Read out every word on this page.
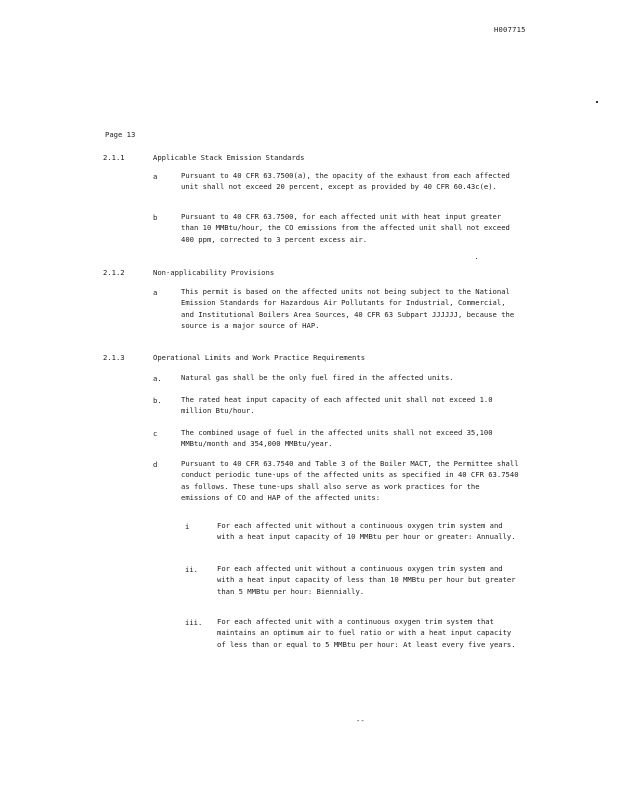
H007715
Page 13
2.1.1	Applicable Stack Emission Standards
a	Pursuant to 40 CFR 63.7500(a), the opacity of the exhaust from each affected unit shall not exceed 20 percent, except as provided by 40 CFR 60.43c(e).
b	Pursuant to 40 CFR 63.7500, for each affected unit with heat input greater than 10 MMBtu/hour, the CO emissions from the affected unit shall not exceed 400 ppm, corrected to 3 percent excess air.
2.1.2	Non-applicability Provisions
a	This permit is based on the affected units not being subject to the National Emission Standards for Hazardous Air Pollutants for Industrial, Commercial, and Institutional Boilers Area Sources, 40 CFR 63 Subpart JJJJJJ, because the source is a major source of HAP.
2.1.3	Operational Limits and Work Practice Requirements
a.	Natural gas shall be the only fuel fired in the affected units.
b.	The rated heat input capacity of each affected unit shall not exceed 1.0 million Btu/hour.
c	The combined usage of fuel in the affected units shall not exceed 35,100 MMBtu/month and 354,000 MMBtu/year.
d	Pursuant to 40 CFR 63.7540 and Table 3 of the Boiler MACT, the Permittee shall conduct periodic tune-ups of the affected units as specified in 40 CFR 63.7540 as follows. These tune-ups shall also serve as work practices for the emissions of CO and HAP of the affected units:
i	For each affected unit without a continuous oxygen trim system and with a heat input capacity of 10 MMBtu per hour or greater: Annually.
ii.	For each affected unit without a continuous oxygen trim system and with a heat input capacity of less than 10 MMBtu per hour but greater than 5 MMBtu per hour: Biennially.
iii. For each affected unit with a continuous oxygen trim system that maintains an optimum air to fuel ratio or with a heat input capacity of less than or equal to 5 MMBtu per hour: At least every five years.
--
